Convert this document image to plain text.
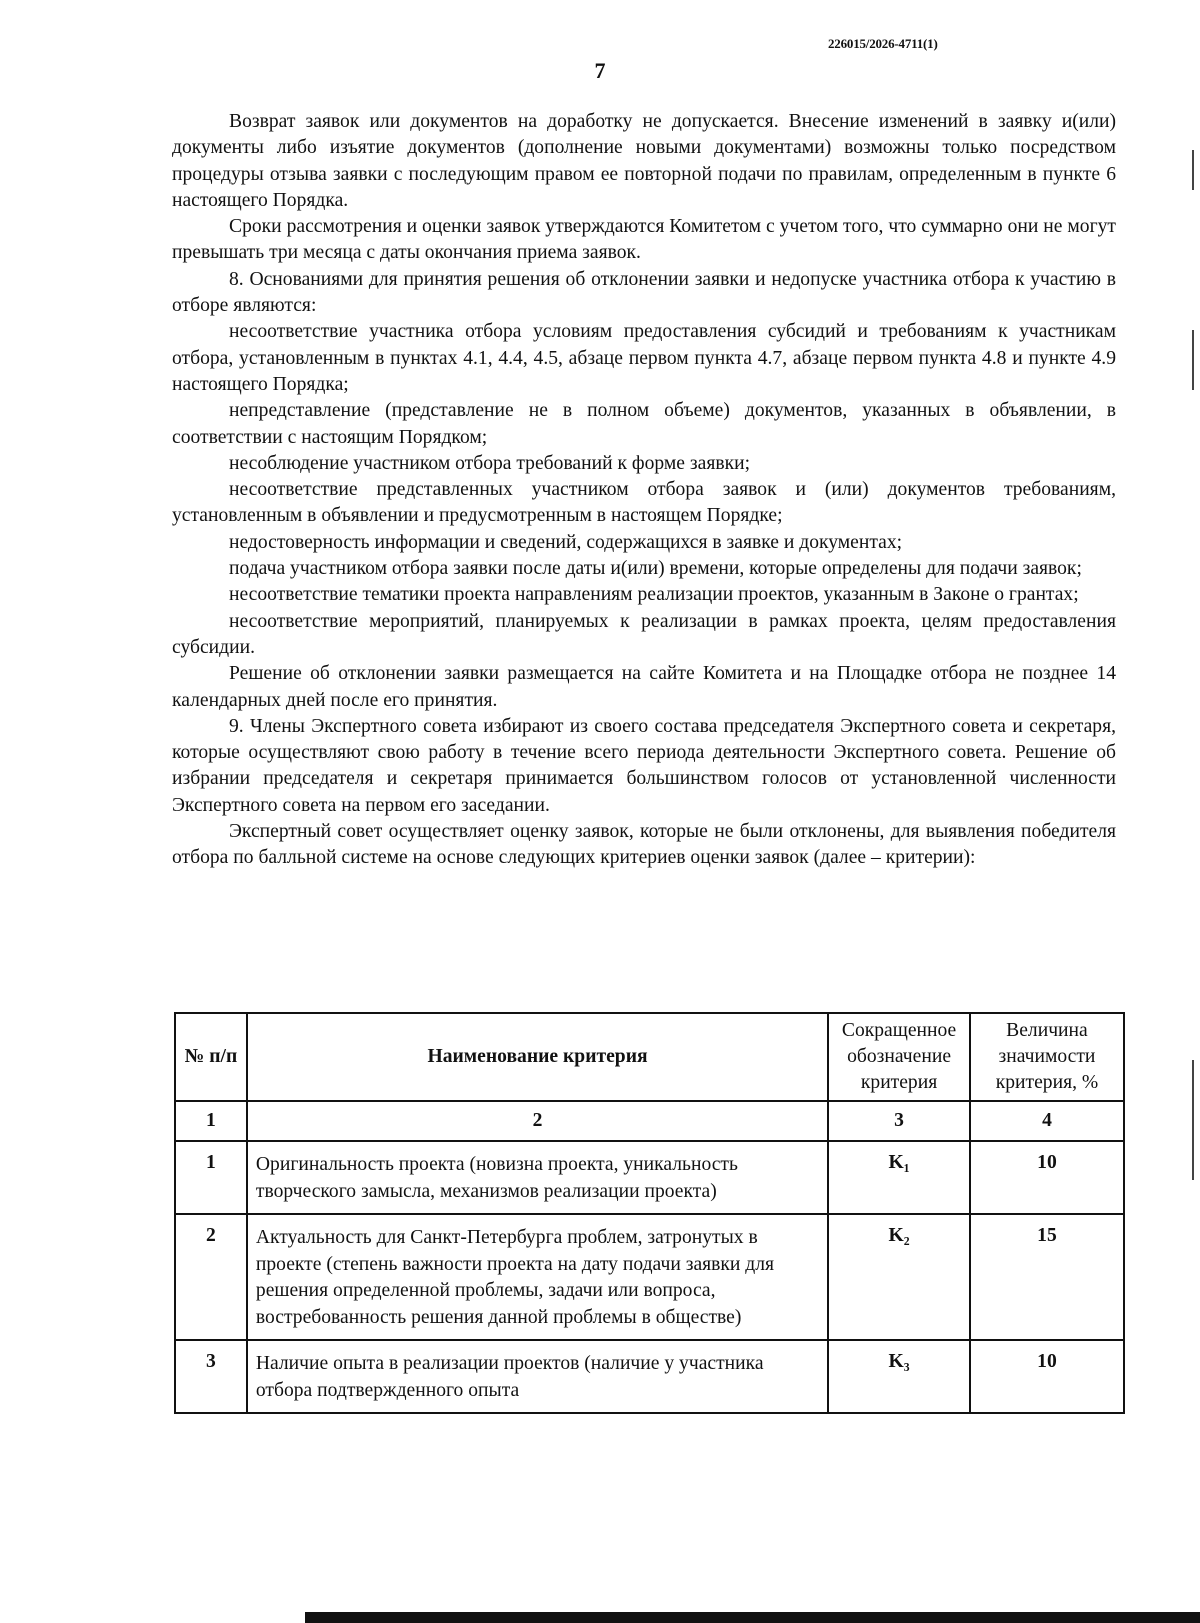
226015/2026-4711(1)
7

Возврат заявок или документов на доработку не допускается. Внесение изменений в заявку и(или) документы либо изъятие документов (дополнение новыми документами) возможны только посредством процедуры отзыва заявки с последующим правом ее повторной подачи по правилам, определенным в пункте 6 настоящего Порядка.

Сроки рассмотрения и оценки заявок утверждаются Комитетом с учетом того, что суммарно они не могут превышать три месяца с даты окончания приема заявок.

8. Основаниями для принятия решения об отклонении заявки и недопуске участника отбора к участию в отборе являются:

несоответствие участника отбора условиям предоставления субсидий и требованиям к участникам отбора, установленным в пунктах 4.1, 4.4, 4.5, абзаце первом пункта 4.7, абзаце первом пункта 4.8 и пункте 4.9 настоящего Порядка;

непредставление (представление не в полном объеме) документов, указанных в объявлении, в соответствии с настоящим Порядком;

несоблюдение участником отбора требований к форме заявки;

несоответствие представленных участником отбора заявок и (или) документов требованиям, установленным в объявлении и предусмотренным в настоящем Порядке;

недостоверность информации и сведений, содержащихся в заявке и документах;

подача участником отбора заявки после даты и(или) времени, которые определены для подачи заявок;

несоответствие тематики проекта направлениям реализации проектов, указанным в Законе о грантах;

несоответствие мероприятий, планируемых к реализации в рамках проекта, целям предоставления субсидии.

Решение об отклонении заявки размещается на сайте Комитета и на Площадке отбора не позднее 14 календарных дней после его принятия.

9. Члены Экспертного совета избирают из своего состава председателя Экспертного совета и секретаря, которые осуществляют свою работу в течение всего периода деятельности Экспертного совета. Решение об избрании председателя и секретаря принимается большинством голосов от установленной численности Экспертного совета на первом его заседании.

Экспертный совет осуществляет оценку заявок, которые не были отклонены, для выявления победителя отбора по балльной системе на основе следующих критериев оценки заявок (далее – критерии):

№ п/п	Наименование критерия	Сокращенное обозначение критерия	Величина значимости критерия, %
1	2	3	4
1	Оригинальность проекта (новизна проекта, уникальность творческого замысла, механизмов реализации проекта)	K₁	10
2	Актуальность для Санкт-Петербурга проблем, затронутых в проекте (степень важности проекта на дату подачи заявки для решения определенной проблемы, задачи или вопроса, востребованность решения данной проблемы в обществе)	K₂	15
3	Наличие опыта в реализации проектов (наличие у участника отбора подтвержденного опыта	K₃	10
